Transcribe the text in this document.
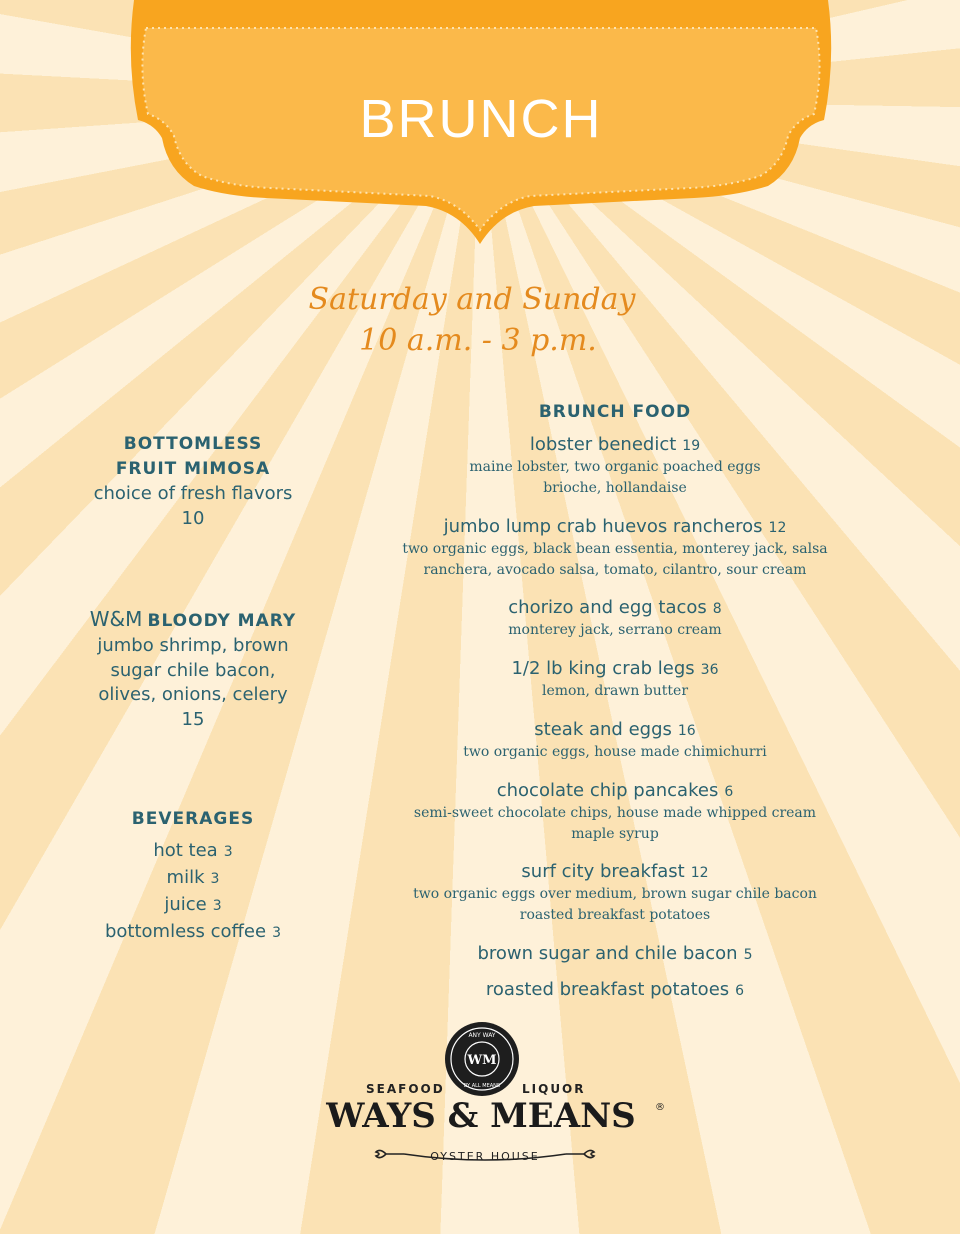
BRUNCH
Saturday and Sunday
10 a.m. - 3 p.m.
BOTTOMLESS
FRUIT MIMOSA
choice of fresh flavors
10
W&M BLOODY MARY
jumbo shrimp, brown
sugar chile bacon,
olives, onions, celery
15
BEVERAGES
hot tea 3
milk 3
juice 3
bottomless coffee 3
BRUNCH FOOD
lobster benedict 19
maine lobster, two organic poached eggs
brioche, hollandaise
jumbo lump crab huevos rancheros 12
two organic eggs, black bean essentia, monterey jack, salsa
ranchera, avocado salsa, tomato, cilantro, sour cream
chorizo and egg tacos 8
monterey jack, serrano cream
1/2 lb king crab legs 36
lemon, drawn butter
steak and eggs 16
two organic eggs, house made chimichurri
chocolate chip pancakes 6
semi-sweet chocolate chips, house made whipped cream
maple syrup
surf city breakfast 12
two organic eggs over medium, brown sugar chile bacon
roasted breakfast potatoes
brown sugar and chile bacon 5
roasted breakfast potatoes 6
WM
ANY WAY
BY ALL MEANS
SEAFOOD	LIQUOR
WAYS & MEANS	®
OYSTER HOUSE
